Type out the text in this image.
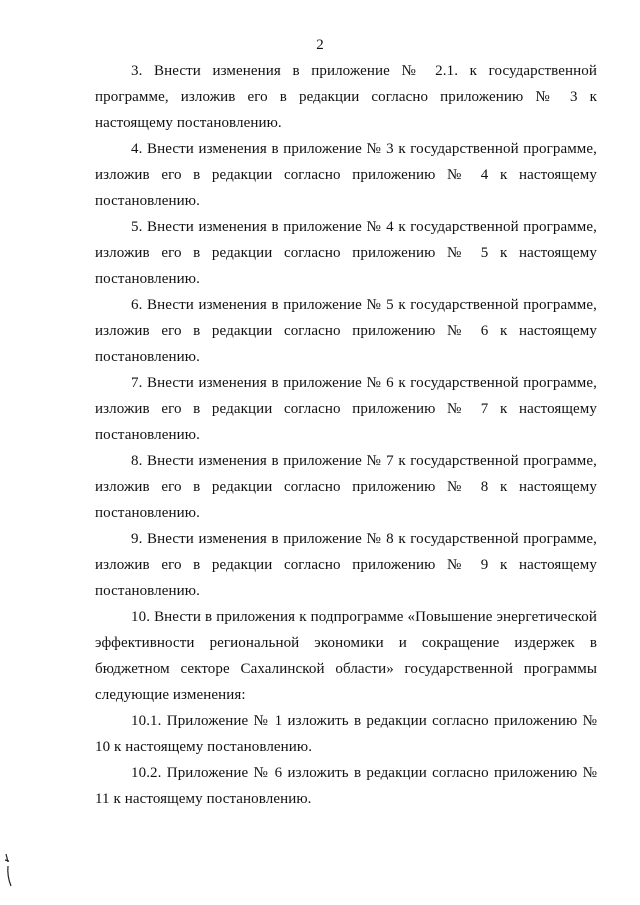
2

3. Внести изменения в приложение № 2.1. к государственной программе, изложив его в редакции согласно приложению № 3 к настоящему постановлению.

4. Внести изменения в приложение № 3 к государственной программе, изложив его в редакции согласно приложению № 4 к настоящему постановлению.

5. Внести изменения в приложение № 4 к государственной программе, изложив его в редакции согласно приложению № 5 к настоящему постановлению.

6. Внести изменения в приложение № 5 к государственной программе, изложив его в редакции согласно приложению № 6 к настоящему постановлению.

7. Внести изменения в приложение № 6 к государственной программе, изложив его в редакции согласно приложению № 7 к настоящему постановлению.

8. Внести изменения в приложение № 7 к государственной программе, изложив его в редакции согласно приложению № 8 к настоящему постановлению.

9. Внести изменения в приложение № 8 к государственной программе, изложив его в редакции согласно приложению № 9 к настоящему постановлению.

10. Внести в приложения к подпрограмме «Повышение энергетической эффективности региональной экономики и сокращение издержек в бюджетном секторе Сахалинской области» государственной программы следующие изменения:

10.1. Приложение № 1 изложить в редакции согласно приложению № 10 к настоящему постановлению.

10.2. Приложение № 6 изложить в редакции согласно приложению № 11 к настоящему постановлению.
